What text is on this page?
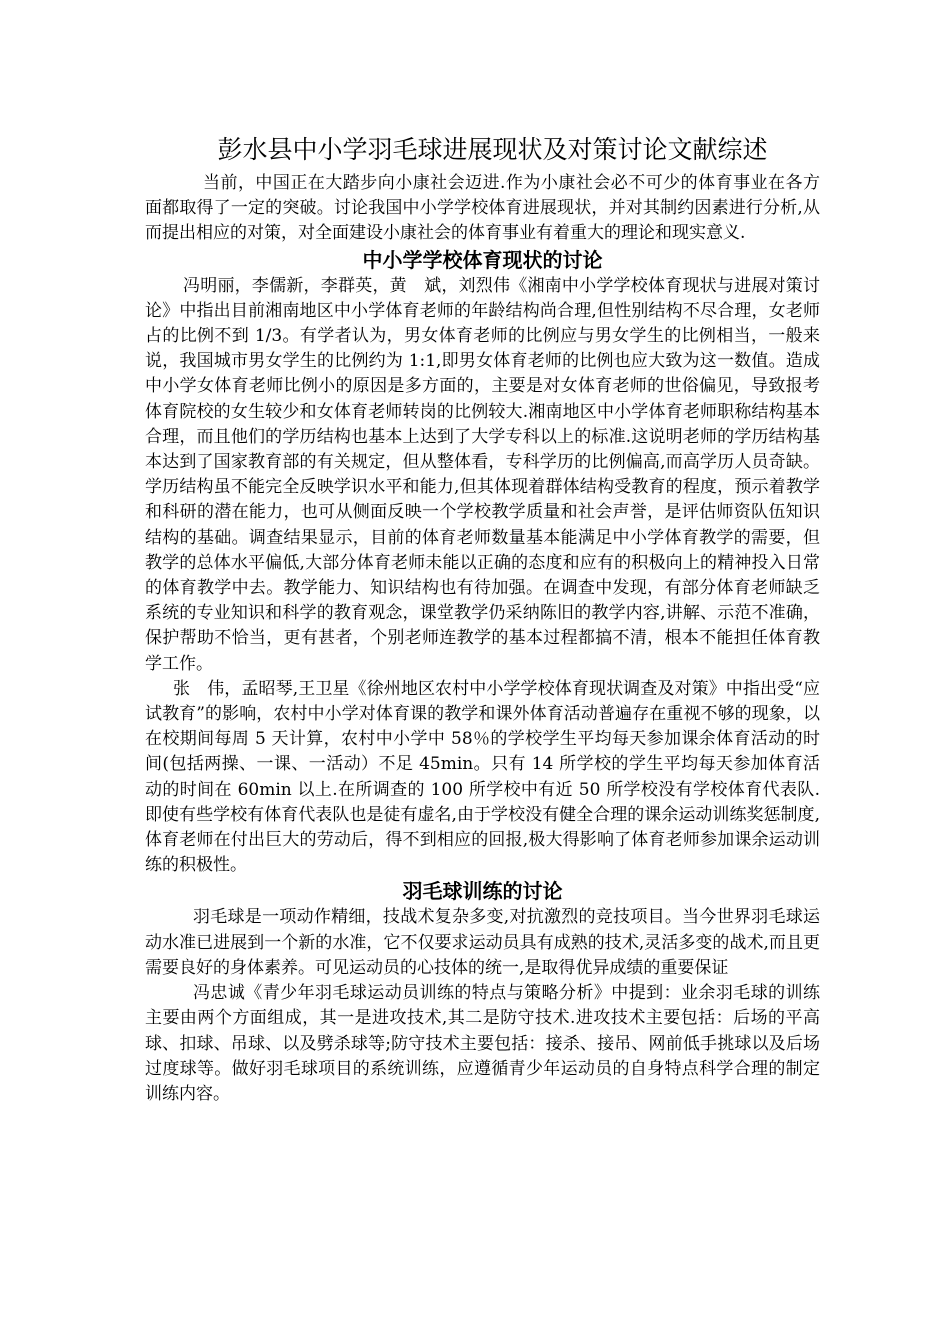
彭水县中小学羽毛球进展现状及对策讨论文献综述

当前，中国正在大踏步向小康社会迈进.作为小康社会必不可少的体育事业在各方面都取得了一定的突破。讨论我国中小学学校体育进展现状，并对其制约因素进行分析,从而提出相应的对策，对全面建设小康社会的体育事业有着重大的理论和现实意义.

中小学学校体育现状的讨论

冯明丽，李儒新，李群英，黄　斌，刘烈伟《湘南中小学学校体育现状与进展对策讨论》中指出目前湘南地区中小学体育老师的年龄结构尚合理,但性别结构不尽合理，女老师占的比例不到 1/3。有学者认为，男女体育老师的比例应与男女学生的比例相当，一般来说，我国城市男女学生的比例约为 1:1,即男女体育老师的比例也应大致为这一数值。造成中小学女体育老师比例小的原因是多方面的，主要是对女体育老师的世俗偏见，导致报考体育院校的女生较少和女体育老师转岗的比例较大.湘南地区中小学体育老师职称结构基本合理，而且他们的学历结构也基本上达到了大学专科以上的标准.这说明老师的学历结构基本达到了国家教育部的有关规定，但从整体看，专科学历的比例偏高,而高学历人员奇缺。学历结构虽不能完全反映学识水平和能力,但其体现着群体结构受教育的程度，预示着教学和科研的潜在能力，也可从侧面反映一个学校教学质量和社会声誉，是评估师资队伍知识结构的基础。调查结果显示，目前的体育老师数量基本能满足中小学体育教学的需要，但教学的总体水平偏低,大部分体育老师未能以正确的态度和应有的积极向上的精神投入日常的体育教学中去。教学能力、知识结构也有待加强。在调查中发现，有部分体育老师缺乏系统的专业知识和科学的教育观念，课堂教学仍采纳陈旧的教学内容,讲解、示范不准确，保护帮助不恰当，更有甚者，个别老师连教学的基本过程都搞不清，根本不能担任体育教学工作。

张　伟，孟昭琴,王卫星《徐州地区农村中小学学校体育现状调查及对策》中指出受“应试教育”的影响，农村中小学对体育课的教学和课外体育活动普遍存在重视不够的现象，以在校期间每周 5 天计算，农村中小学中 58％的学校学生平均每天参加课余体育活动的时间(包括两操、一课、一活动）不足 45min。只有 14 所学校的学生平均每天参加体育活动的时间在 60min 以上.在所调查的 100 所学校中有近 50 所学校没有学校体育代表队.即使有些学校有体育代表队也是徒有虚名,由于学校没有健全合理的课余运动训练奖惩制度,体育老师在付出巨大的劳动后，得不到相应的回报,极大得影响了体育老师参加课余运动训练的积极性。

羽毛球训练的讨论

羽毛球是一项动作精细，技战术复杂多变,对抗激烈的竞技项目。当今世界羽毛球运动水准已进展到一个新的水准，它不仅要求运动员具有成熟的技术,灵活多变的战术,而且更需要良好的身体素养。可见运动员的心技体的统一,是取得优异成绩的重要保证

冯忠诚《青少年羽毛球运动员训练的特点与策略分析》中提到：业余羽毛球的训练主要由两个方面组成，其一是进攻技术,其二是防守技术.进攻技术主要包括：后场的平高球、扣球、吊球、以及劈杀球等;防守技术主要包括：接杀、接吊、网前低手挑球以及后场过度球等。做好羽毛球项目的系统训练，应遵循青少年运动员的自身特点科学合理的制定训练内容。
